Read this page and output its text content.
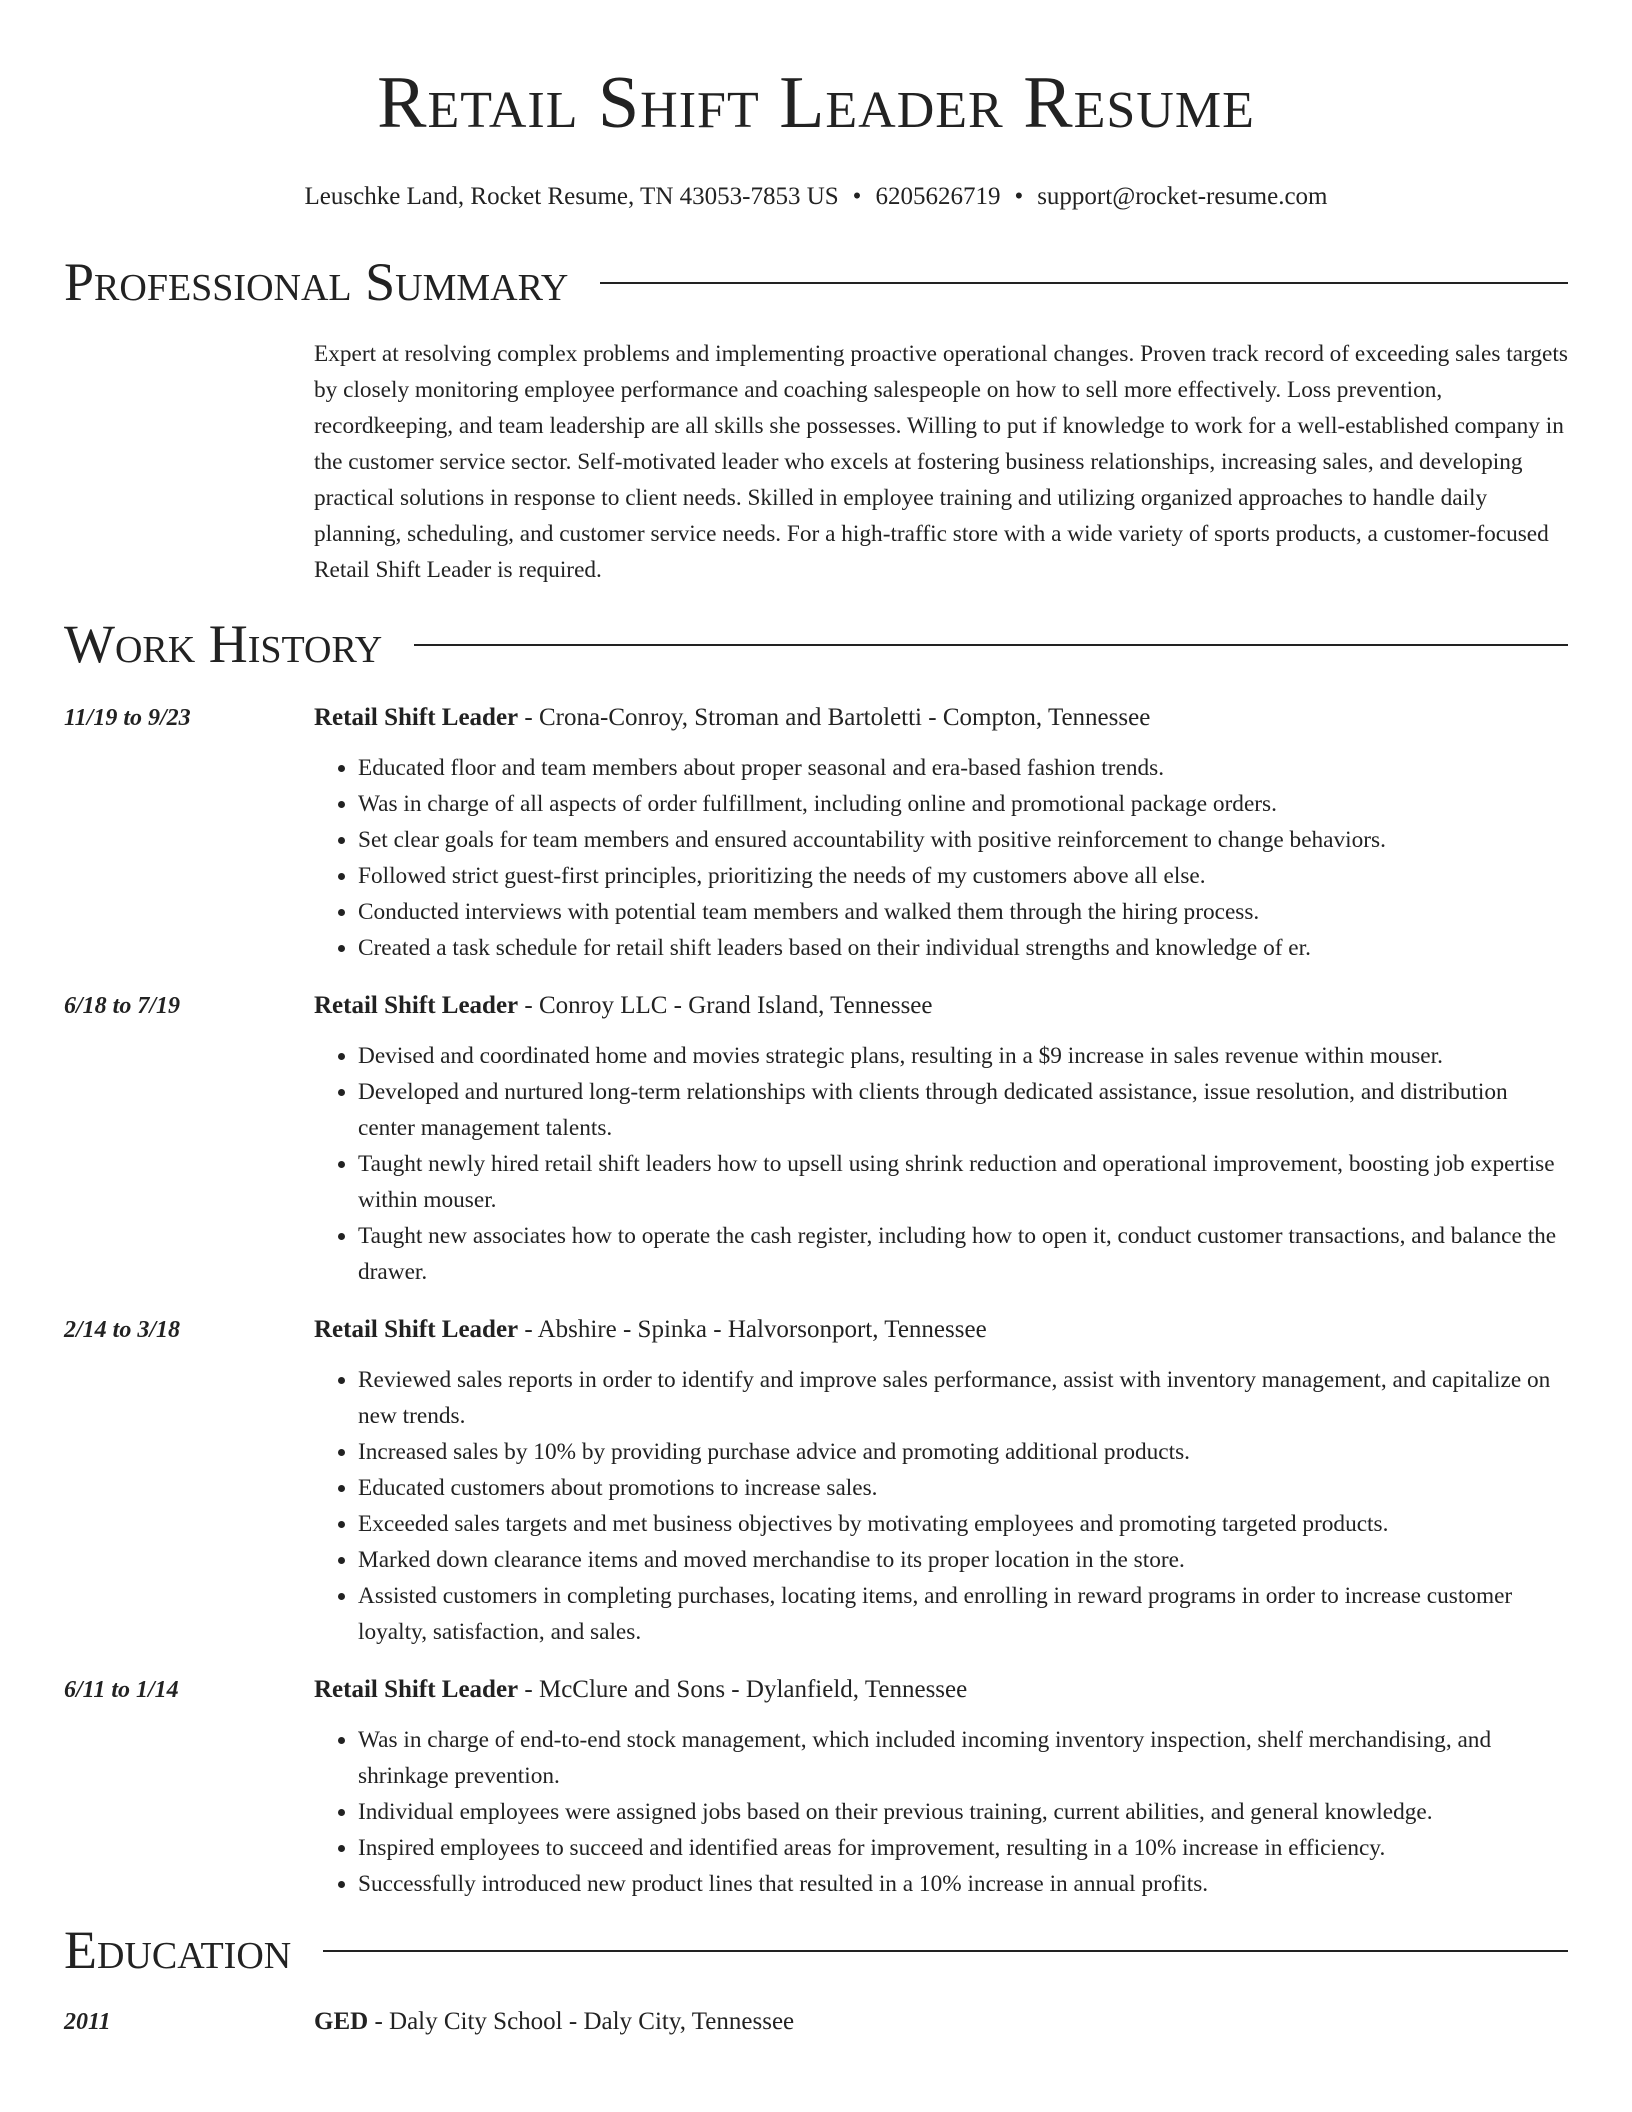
Retail Shift Leader Resume
Leuschke Land, Rocket Resume, TN 43053-7853 US • 6205626719 • support@rocket-resume.com
Professional Summary
Expert at resolving complex problems and implementing proactive operational changes. Proven track record of exceeding sales targets by closely monitoring employee performance and coaching salespeople on how to sell more effectively. Loss prevention, recordkeeping, and team leadership are all skills she possesses. Willing to put if knowledge to work for a well-established company in the customer service sector. Self-motivated leader who excels at fostering business relationships, increasing sales, and developing practical solutions in response to client needs. Skilled in employee training and utilizing organized approaches to handle daily planning, scheduling, and customer service needs. For a high-traffic store with a wide variety of sports products, a customer-focused Retail Shift Leader is required.
Work History
11/19 to 9/23	Retail Shift Leader - Crona-Conroy, Stroman and Bartoletti - Compton, Tennessee
• Educated floor and team members about proper seasonal and era-based fashion trends.
• Was in charge of all aspects of order fulfillment, including online and promotional package orders.
• Set clear goals for team members and ensured accountability with positive reinforcement to change behaviors.
• Followed strict guest-first principles, prioritizing the needs of my customers above all else.
• Conducted interviews with potential team members and walked them through the hiring process.
• Created a task schedule for retail shift leaders based on their individual strengths and knowledge of er.
6/18 to 7/19	Retail Shift Leader - Conroy LLC - Grand Island, Tennessee
• Devised and coordinated home and movies strategic plans, resulting in a $9 increase in sales revenue within mouser.
• Developed and nurtured long-term relationships with clients through dedicated assistance, issue resolution, and distribution center management talents.
• Taught newly hired retail shift leaders how to upsell using shrink reduction and operational improvement, boosting job expertise within mouser.
• Taught new associates how to operate the cash register, including how to open it, conduct customer transactions, and balance the drawer.
2/14 to 3/18	Retail Shift Leader - Abshire - Spinka - Halvorsonport, Tennessee
• Reviewed sales reports in order to identify and improve sales performance, assist with inventory management, and capitalize on new trends.
• Increased sales by 10% by providing purchase advice and promoting additional products.
• Educated customers about promotions to increase sales.
• Exceeded sales targets and met business objectives by motivating employees and promoting targeted products.
• Marked down clearance items and moved merchandise to its proper location in the store.
• Assisted customers in completing purchases, locating items, and enrolling in reward programs in order to increase customer loyalty, satisfaction, and sales.
6/11 to 1/14	Retail Shift Leader - McClure and Sons - Dylanfield, Tennessee
• Was in charge of end-to-end stock management, which included incoming inventory inspection, shelf merchandising, and shrinkage prevention.
• Individual employees were assigned jobs based on their previous training, current abilities, and general knowledge.
• Inspired employees to succeed and identified areas for improvement, resulting in a 10% increase in efficiency.
• Successfully introduced new product lines that resulted in a 10% increase in annual profits.
Education
2011	GED - Daly City School - Daly City, Tennessee
